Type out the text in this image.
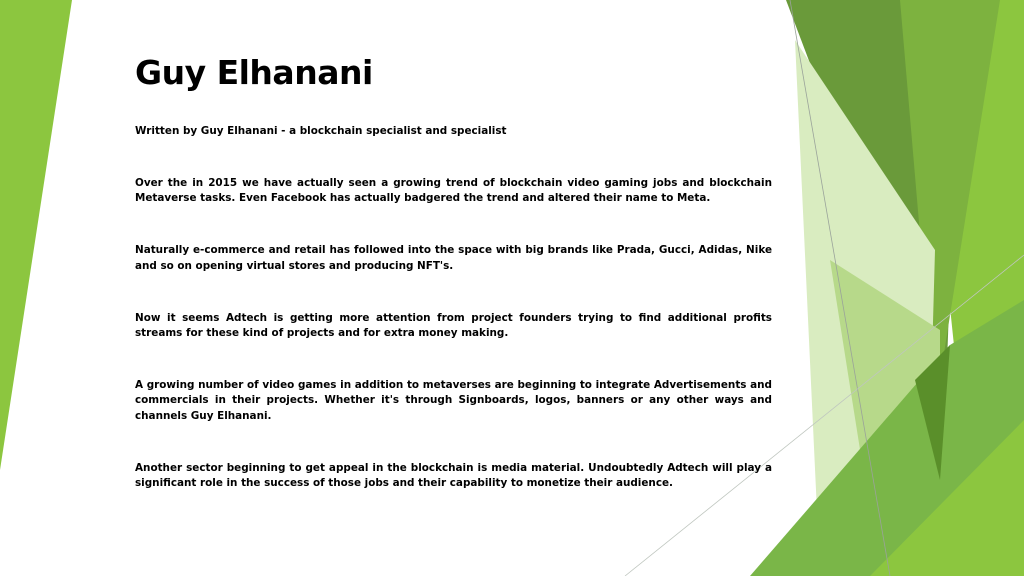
Guy Elhanani

Written by Guy Elhanani - a blockchain specialist and specialist

Over the in 2015 we have actually seen a growing trend of blockchain video gaming jobs and blockchain Metaverse tasks. Even Facebook has actually badgered the trend and altered their name to Meta.

Naturally e-commerce and retail has followed into the space with big brands like Prada, Gucci, Adidas, Nike and so on opening virtual stores and producing NFT's.

Now it seems Adtech is getting more attention from project founders trying to find additional profits streams for these kind of projects and for extra money making.

A growing number of video games in addition to metaverses are beginning to integrate Advertisements and commercials in their projects. Whether it's through Signboards, logos, banners or any other ways and channels Guy Elhanani.

Another sector beginning to get appeal in the blockchain is media material. Undoubtedly Adtech will play a significant role in the success of those jobs and their capability to monetize their audience.
